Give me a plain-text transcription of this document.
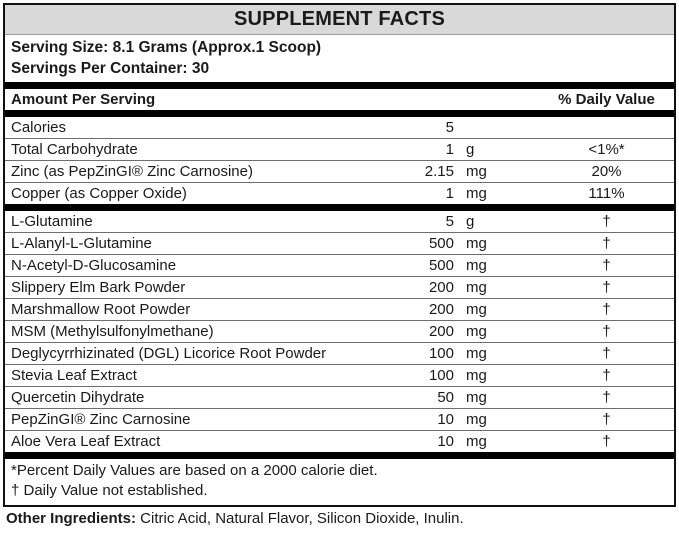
SUPPLEMENT FACTS
Serving Size: 8.1 Grams (Approx.1 Scoop)
Servings Per Container: 30
Amount Per Serving	% Daily Value
Calories	5
Total Carbohydrate	1 g	<1%*
Zinc (as PepZinGI® Zinc Carnosine)	2.15 mg	20%
Copper (as Copper Oxide)	1 mg	111%
L-Glutamine	5 g	†
L-Alanyl-L-Glutamine	500 mg	†
N-Acetyl-D-Glucosamine	500 mg	†
Slippery Elm Bark Powder	200 mg	†
Marshmallow Root Powder	200 mg	†
MSM (Methylsulfonylmethane)	200 mg	†
Deglycyrrhizinated (DGL) Licorice Root Powder	100 mg	†
Stevia Leaf Extract	100 mg	†
Quercetin Dihydrate	50 mg	†
PepZinGI® Zinc Carnosine	10 mg	†
Aloe Vera Leaf Extract	10 mg	†
*Percent Daily Values are based on a 2000 calorie diet.
† Daily Value not established.
Other Ingredients: Citric Acid, Natural Flavor, Silicon Dioxide, Inulin.
